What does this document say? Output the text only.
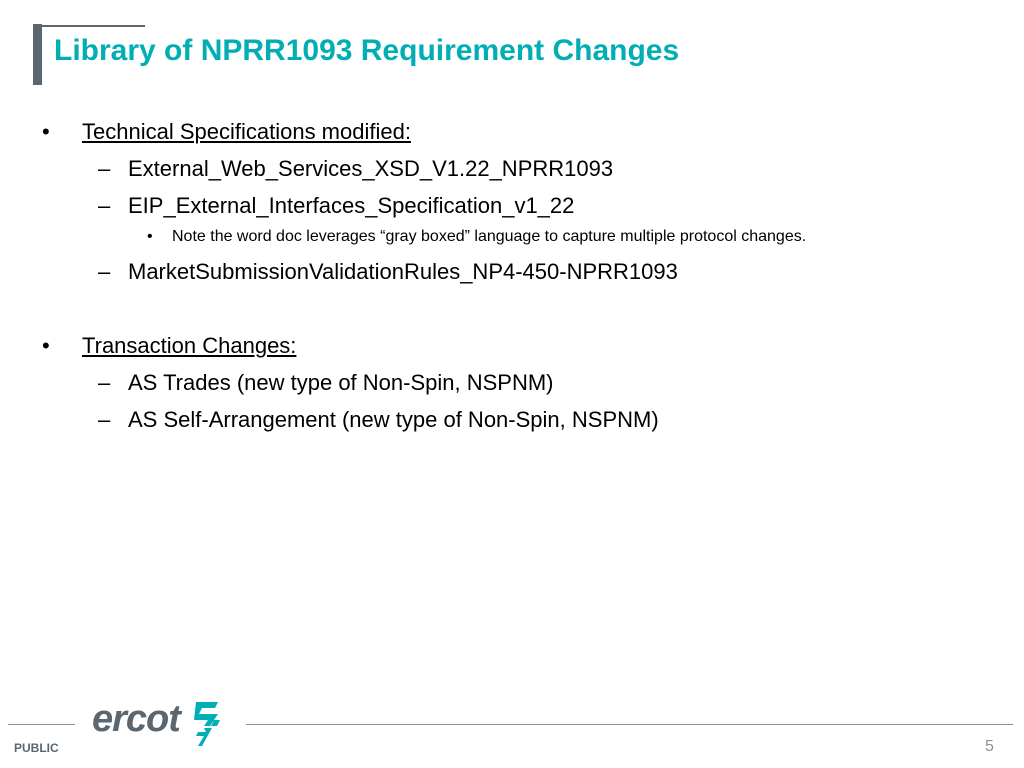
Library of NPRR1093 Requirement Changes
• Technical Specifications modified:
– External_Web_Services_XSD_V1.22_NPRR1093
– EIP_External_Interfaces_Specification_v1_22
• Note the word doc leverages “gray boxed” language to capture multiple protocol changes.
– MarketSubmissionValidationRules_NP4-450-NPRR1093
• Transaction Changes:
– AS Trades (new type of Non-Spin, NSPNM)
– AS Self-Arrangement (new type of Non-Spin, NSPNM)
PUBLIC
ercot
5
